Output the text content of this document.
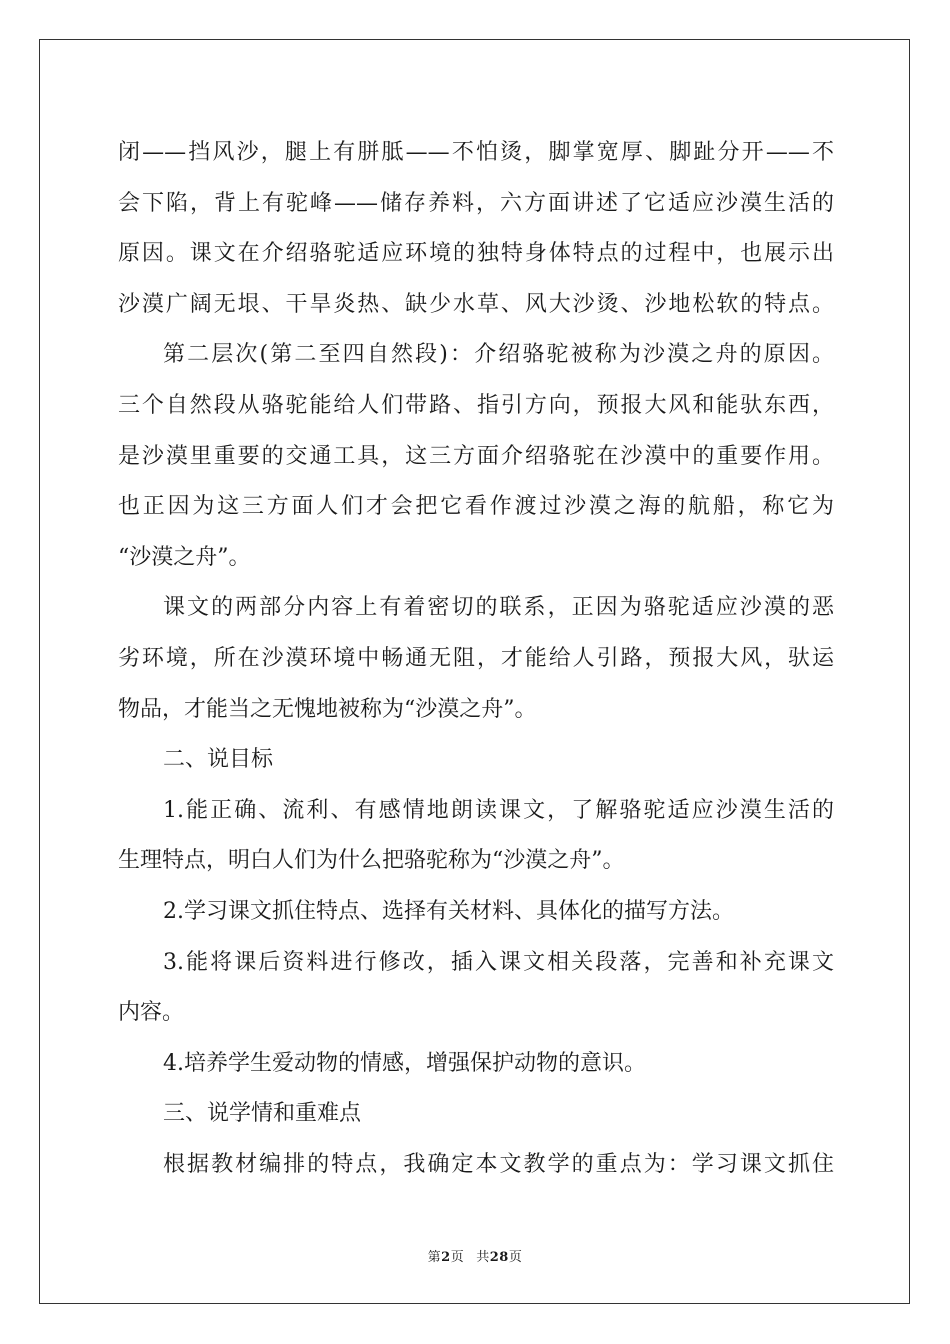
闭——挡风沙，腿上有胼胝——不怕烫，脚掌宽厚、脚趾分开——不
会下陷，背上有驼峰——储存养料，六方面讲述了它适应沙漠生活的
原因。课文在介绍骆驼适应环境的独特身体特点的过程中，也展示出
沙漠广阔无垠、干旱炎热、缺少水草、风大沙烫、沙地松软的特点。
第二层次(第二至四自然段)：介绍骆驼被称为沙漠之舟的原因。
三个自然段从骆驼能给人们带路、指引方向，预报大风和能驮东西，
是沙漠里重要的交通工具，这三方面介绍骆驼在沙漠中的重要作用。
也正因为这三方面人们才会把它看作渡过沙漠之海的航船，称它为
“沙漠之舟”。
课文的两部分内容上有着密切的联系，正因为骆驼适应沙漠的恶
劣环境，所在沙漠环境中畅通无阻，才能给人引路，预报大风，驮运
物品，才能当之无愧地被称为“沙漠之舟”。
二、说目标
1.能正确、流利、有感情地朗读课文，了解骆驼适应沙漠生活的
生理特点，明白人们为什么把骆驼称为“沙漠之舟”。
2.学习课文抓住特点、选择有关材料、具体化的描写方法。
3.能将课后资料进行修改，插入课文相关段落，完善和补充课文
内容。
4.培养学生爱动物的情感，增强保护动物的意识。
三、说学情和重难点
根据教材编排的特点，我确定本文教学的重点为：学习课文抓住
第2页 共28页
